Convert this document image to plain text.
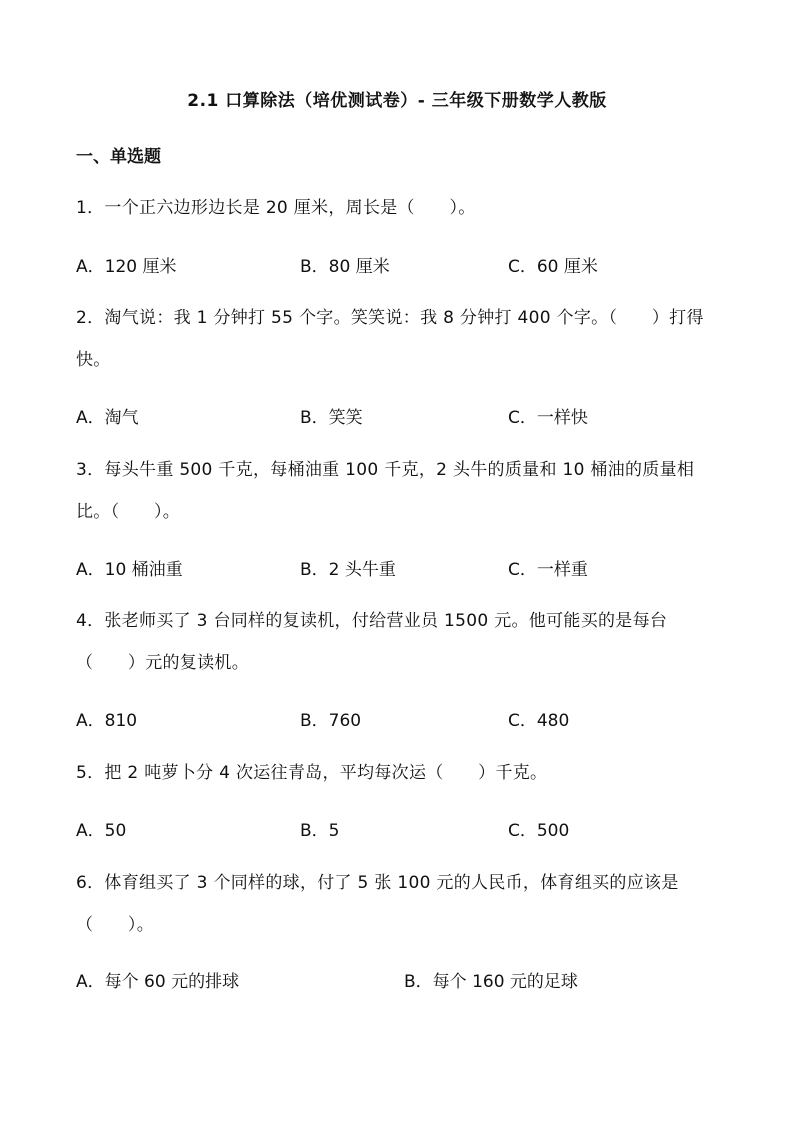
2.1 口算除法（培优测试卷）- 三年级下册数学人教版
一、单选题
1．一个正六边形边长是 20 厘米，周长是（　　）。
A．120 厘米	B．80 厘米	C．60 厘米
2．淘气说：我 1 分钟打 55 个字。笑笑说：我 8 分钟打 400 个字。（　　）打得快。
A．淘气	B．笑笑	C．一样快
3．每头牛重 500 千克，每桶油重 100 千克，2 头牛的质量和 10 桶油的质量相比。（　　）。
A．10 桶油重	B．2 头牛重	C．一样重
4．张老师买了 3 台同样的复读机，付给营业员 1500 元。他可能买的是每台（　　）元的复读机。
A．810	B．760	C．480
5．把 2 吨萝卜分 4 次运往青岛，平均每次运（　　）千克。
A．50	B．5	C．500
6．体育组买了 3 个同样的球，付了 5 张 100 元的人民币，体育组买的应该是（　　）。
A．每个 60 元的排球	B．每个 160 元的足球
